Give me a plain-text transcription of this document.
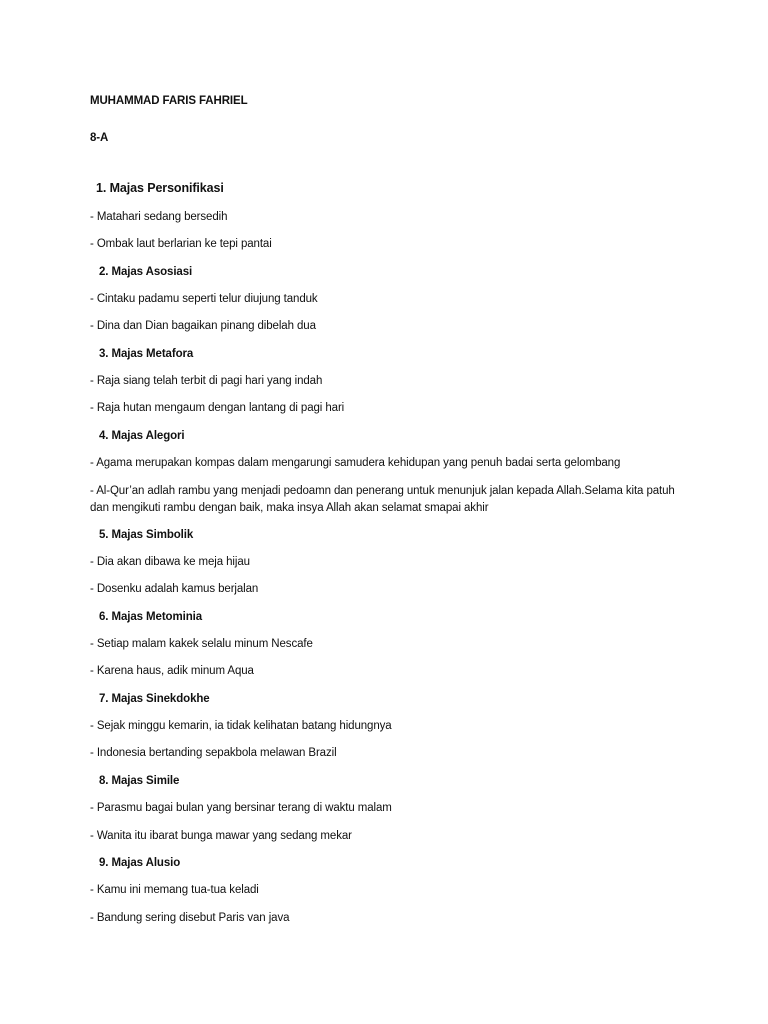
MUHAMMAD FARIS FAHRIEL
8-A
1. Majas Personifikasi
- Matahari sedang bersedih
- Ombak laut berlarian ke tepi pantai
2. Majas Asosiasi
- Cintaku padamu seperti telur diujung tanduk
- Dina dan Dian bagaikan pinang dibelah dua
3. Majas Metafora
- Raja siang telah terbit di pagi hari yang indah
- Raja hutan mengaum dengan lantang di pagi hari
4. Majas Alegori
- Agama merupakan kompas dalam mengarungi samudera kehidupan yang penuh badai serta gelombang
- Al-Qur’an adlah rambu yang menjadi pedoamn dan penerang untuk menunjuk jalan kepada Allah.Selama kita patuh dan mengikuti rambu dengan baik, maka insya Allah akan selamat smapai akhir
5. Majas Simbolik
- Dia akan dibawa ke meja hijau
- Dosenku adalah kamus berjalan
6. Majas Metominia
- Setiap malam kakek selalu minum Nescafe
- Karena haus, adik minum Aqua
7. Majas Sinekdokhe
- Sejak minggu kemarin, ia tidak kelihatan batang hidungnya
- Indonesia bertanding sepakbola melawan Brazil
8. Majas Simile
- Parasmu bagai bulan yang bersinar terang di waktu malam
- Wanita itu ibarat bunga mawar yang sedang mekar
9. Majas Alusio
- Kamu ini memang tua-tua keladi
- Bandung sering disebut Paris van java
